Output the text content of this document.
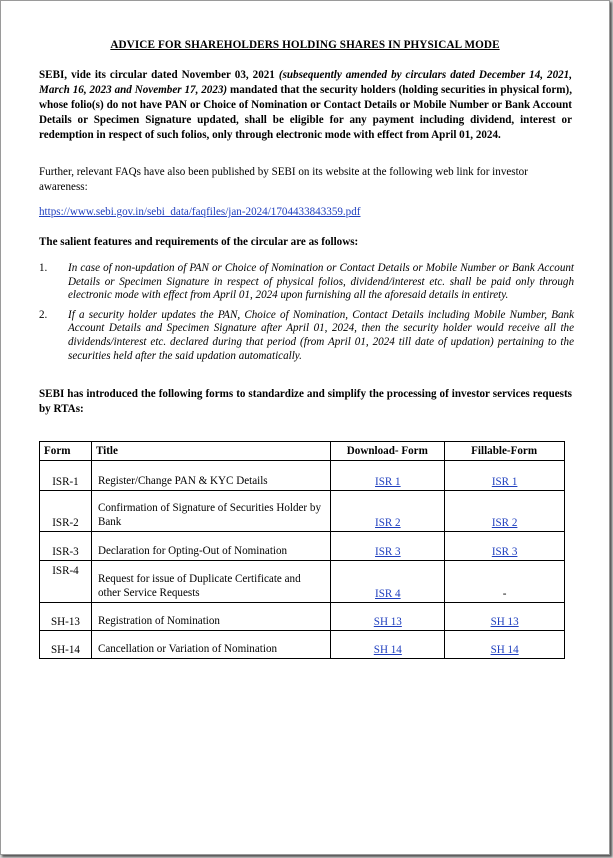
ADVICE FOR SHAREHOLDERS HOLDING SHARES IN PHYSICAL MODE
SEBI, vide its circular dated November 03, 2021 (subsequently amended by circulars dated December 14, 2021, March 16, 2023 and November 17, 2023) mandated that the security holders (holding securities in physical form), whose folio(s) do not have PAN or Choice of Nomination or Contact Details or Mobile Number or Bank Account Details or Specimen Signature updated, shall be eligible for any payment including dividend, interest or redemption in respect of such folios, only through electronic mode with effect from April 01, 2024.
Further, relevant FAQs have also been published by SEBI on its website at the following web link for investor awareness:
https://www.sebi.gov.in/sebi_data/faqfiles/jan-2024/1704433843359.pdf
The salient features and requirements of the circular are as follows:
1. In case of non-updation of PAN or Choice of Nomination or Contact Details or Mobile Number or Bank Account Details or Specimen Signature in respect of physical folios, dividend/interest etc. shall be paid only through electronic mode with effect from April 01, 2024 upon furnishing all the aforesaid details in entirety.
2. If a security holder updates the PAN, Choice of Nomination, Contact Details including Mobile Number, Bank Account Details and Specimen Signature after April 01, 2024, then the security holder would receive all the dividends/interest etc. declared during that period (from April 01, 2024 till date of updation) pertaining to the securities held after the said updation automatically.
SEBI has introduced the following forms to standardize and simplify the processing of investor services requests by RTAs:
Form	Title	Download- Form	Fillable-Form
ISR-1	Register/Change PAN & KYC Details	ISR 1	ISR 1
ISR-2	Confirmation of Signature of Securities Holder by Bank	ISR 2	ISR 2
ISR-3	Declaration for Opting-Out of Nomination	ISR 3	ISR 3
ISR-4	Request for issue of Duplicate Certificate and other Service Requests	ISR 4	-
SH-13	Registration of Nomination	SH 13	SH 13
SH-14	Cancellation or Variation of Nomination	SH 14	SH 14
